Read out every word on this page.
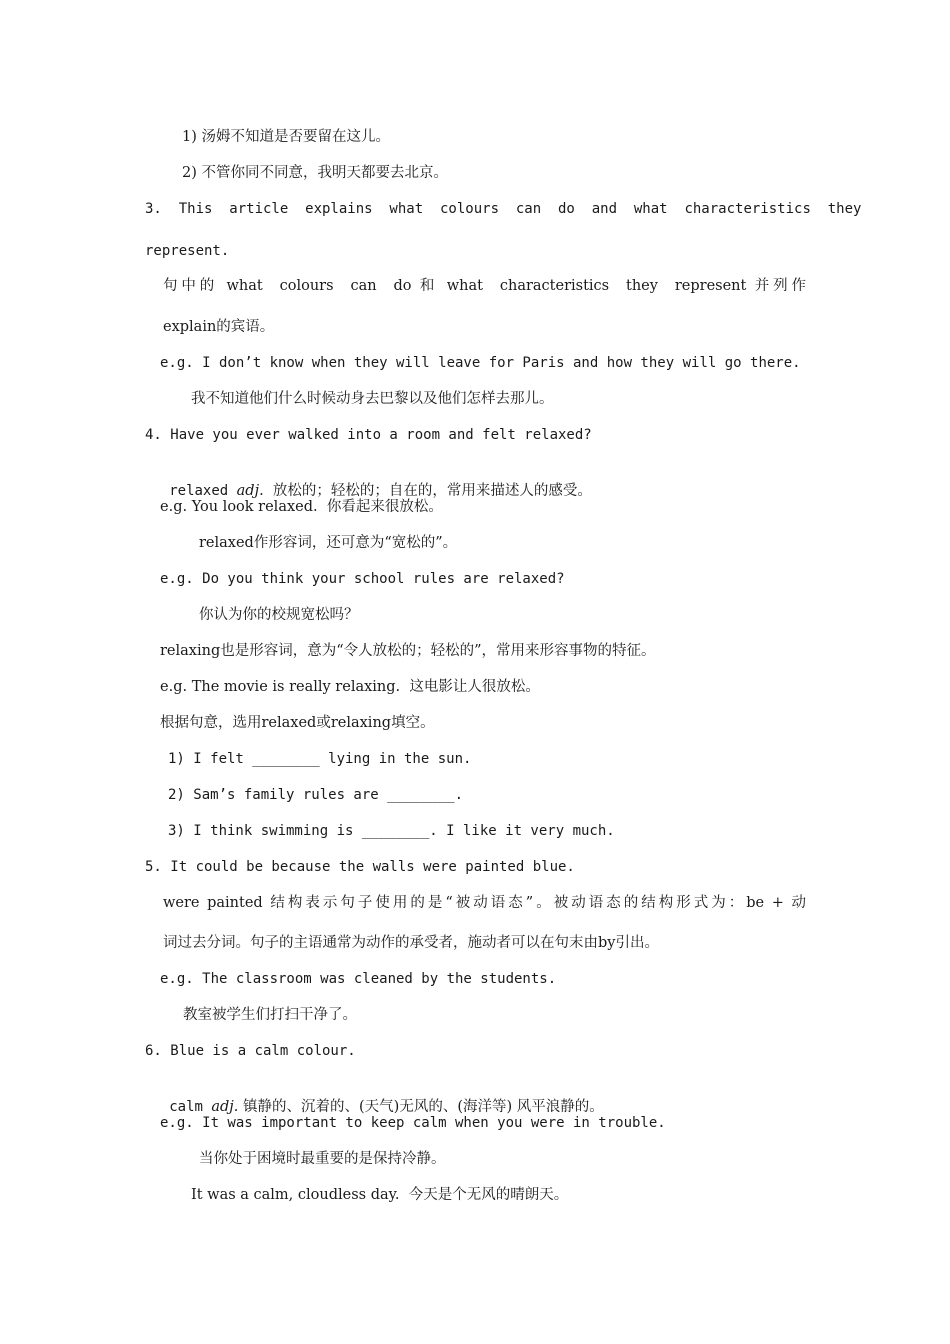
1) 汤姆不知道是否要留在这儿。
2) 不管你同不同意，我明天都要去北京。
3.  This  article  explains  what  colours  can  do  and  what  characteristics  they
represent.
句中的 what  colours  can  do 和 what  characteristics  they  represent 并列作
explain的宾语。
e.g. I don’t know when they will leave for Paris and how they will go there.
我不知道他们什么时候动身去巴黎以及他们怎样去那儿。
4. Have you ever walked into a room and felt relaxed?

relaxed adj.  放松的；轻松的；自在的，常用来描述人的感受。

e.g. You look relaxed.  你看起来很放松。
relaxed作形容词，还可意为“宽松的”。
e.g. Do you think your school rules are relaxed?
你认为你的校规宽松吗？
relaxing也是形容词，意为“令人放松的；轻松的”，常用来形容事物的特征。
e.g. The movie is really relaxing.  这电影让人很放松。
根据句意，选用relaxed或relaxing填空。
1) I felt ________ lying in the sun.
2) Sam’s family rules are ________.
3) I think swimming is ________. I like it very much.
5. It could be because the walls were painted blue.
were painted 结构表示句子使用的是“被动语态”。被动语态的结构形式为：be + 动
词过去分词。句子的主语通常为动作的承受者，施动者可以在句末由by引出。
e.g. The classroom was cleaned by the students.
教室被学生们打扫干净了。
6. Blue is a calm colour.

calm adj. 镇静的、沉着的、(天气)无风的、(海洋等) 风平浪静的。

e.g. It was important to keep calm when you were in trouble.
当你处于困境时最重要的是保持冷静。
It was a calm, cloudless day.  今天是个无风的晴朗天。
